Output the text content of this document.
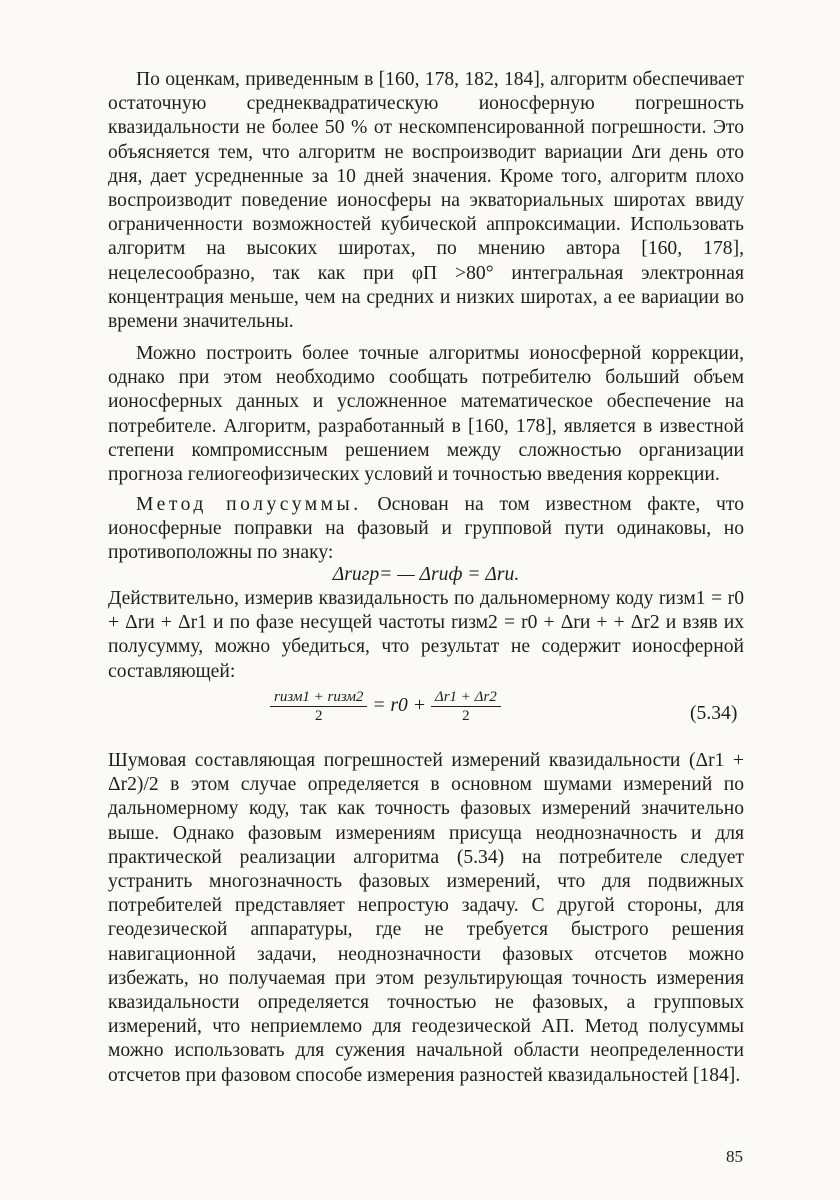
По оценкам, приведенным в [160, 178, 182, 184], алгоритм обеспечивает остаточную среднеквадратическую ионосферную погрешность квазидальности не более 50 % от нескомпенсированной погрешности. Это объясняется тем, что алгоритм не воспроизводит вариации Δrи день ото дня, дает усредненные за 10 дней значения. Кроме того, алгоритм плохо воспроизводит поведение ионосферы на экваториальных широтах ввиду ограниченности возможностей кубической аппроксимации. Использовать алгоритм на высоких широтах, по мнению автора [160, 178], нецелесообразно, так как при φП >80° интегральная электронная концентрация меньше, чем на средних и низких широтах, а ее вариации во времени значительны.

Можно построить более точные алгоритмы ионосферной коррекции, однако при этом необходимо сообщать потребителю больший объем ионосферных данных и усложненное математическое обеспечение на потребителе. Алгоритм, разработанный в [160, 178], является в известной степени компромиссным решением между сложностью организации прогноза гелиогеофизических условий и точностью введения коррекции.

Метод полусуммы. Основан на том известном факте, что ионосферные поправки на фазовый и групповой пути одинаковы, но противоположны по знаку:

Δrигр= — Δrиф = Δrи.

Действительно, измерив квазидальность по дальномерному коду rизм1 = r0 + Δrи + Δr1 и по фазе несущей частоты rизм2 = r0 + Δrи + + Δr2 и взяв их полусумму, можно убедиться, что результат не содержит ионосферной составляющей:

$\frac{\text{rизм1 + rизм2}}{2} = r0 + \frac{\Delta r1 + \Delta r2}{2}$	(5.34)

Шумовая составляющая погрешностей измерений квазидальности (Δr1 + Δr2)/2 в этом случае определяется в основном шумами измерений по дальномерному коду, так как точность фазовых измерений значительно выше. Однако фазовым измерениям присуща неоднозначность и для практической реализации алгоритма (5.34) на потребителе следует устранить многозначность фазовых измерений, что для подвижных потребителей представляет непростую задачу. С другой стороны, для геодезической аппаратуры, где не требуется быстрого решения навигационной задачи, неоднозначности фазовых отсчетов можно избежать, но получаемая при этом результирующая точность измерения квазидальности определяется точностью не фазовых, а групповых измерений, что неприемлемо для геодезической АП. Метод полусуммы можно использовать для сужения начальной области неопределенности отсчетов при фазовом способе измерения разностей квазидальностей [184].

85
